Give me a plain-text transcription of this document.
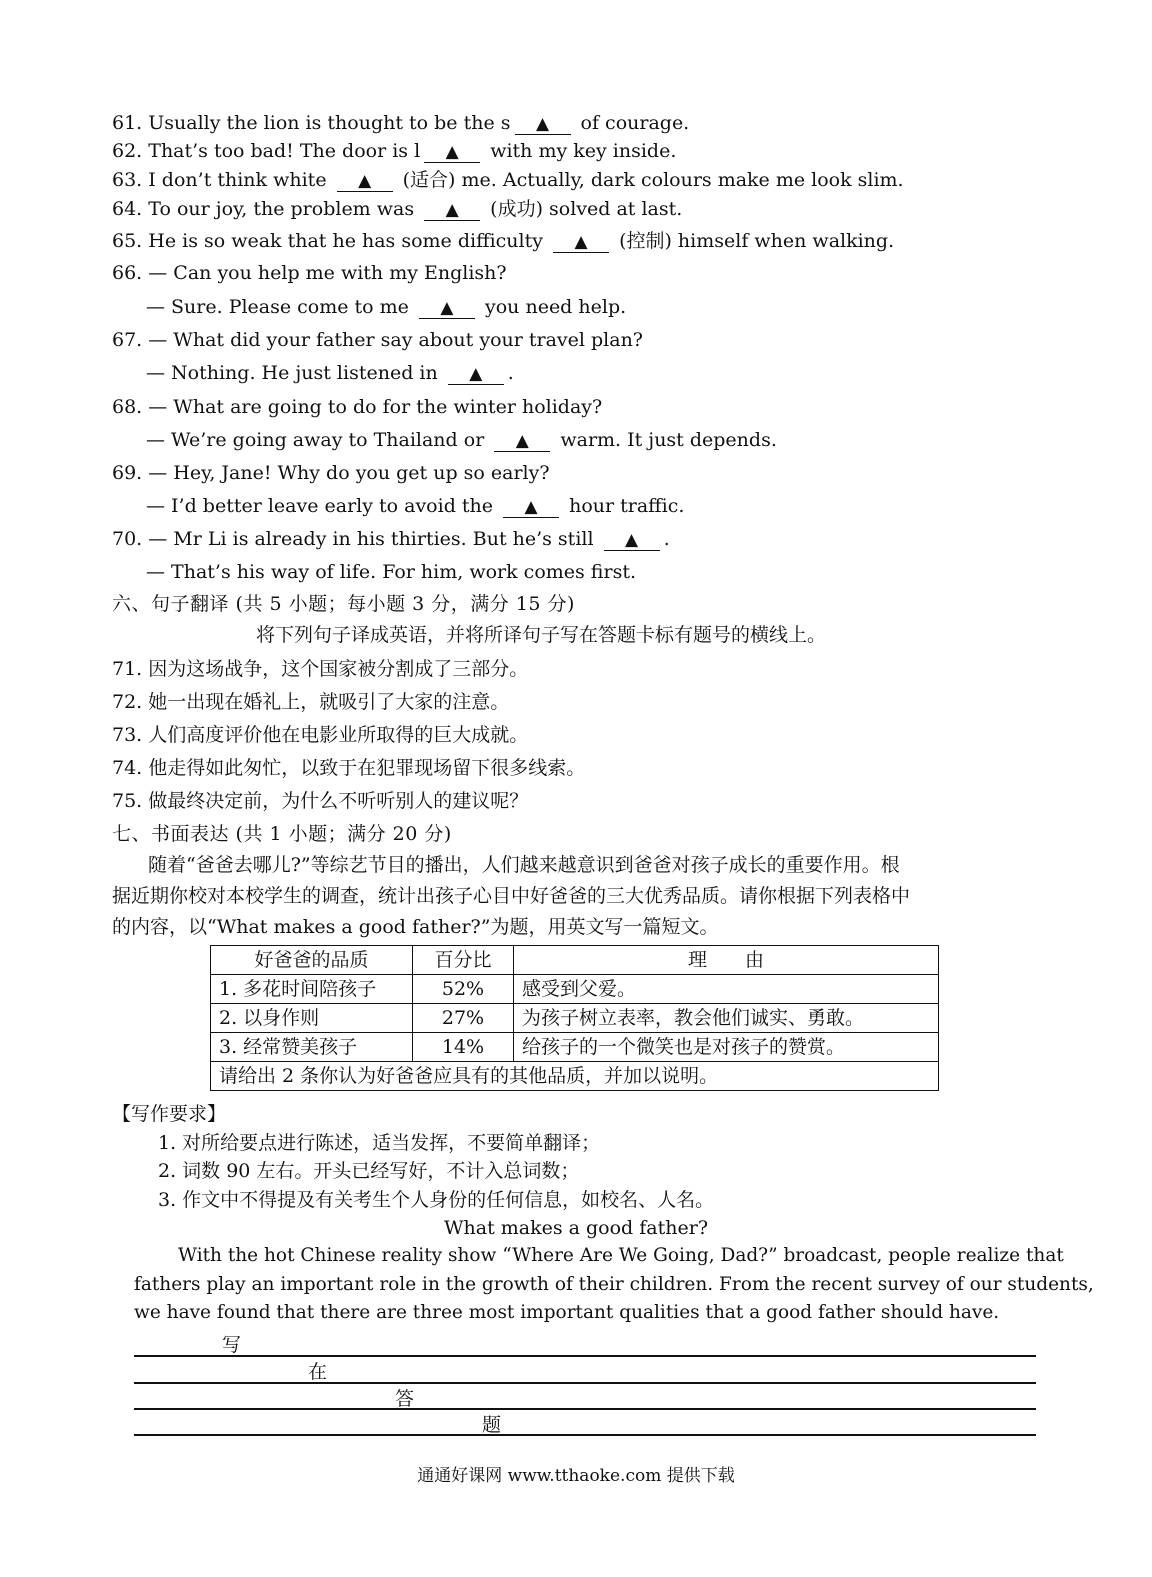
61. Usually the lion is thought to be the s ▲ of courage.
62. That’s too bad! The door is l ▲ with my key inside.
63. I don’t think white ▲ (适合) me. Actually, dark colours make me look slim.
64. To our joy, the problem was ▲ (成功) solved at last.
65. He is so weak that he has some difficulty ▲ (控制) himself when walking.
66. — Can you help me with my English?
— Sure. Please come to me ▲ you need help.
67. — What did your father say about your travel plan?
— Nothing. He just listened in ▲ .
68. — What are going to do for the winter holiday?
— We’re going away to Thailand or ▲ warm. It just depends.
69. — Hey, Jane! Why do you get up so early?
— I’d better leave early to avoid the ▲ hour traffic.
70. — Mr Li is already in his thirties. But he’s still ▲ .
— That’s his way of life. For him, work comes first.
六、句子翻译 (共 5 小题；每小题 3 分，满分 15 分)
将下列句子译成英语，并将所译句子写在答题卡标有题号的横线上。
71. 因为这场战争，这个国家被分割成了三部分。
72. 她一出现在婚礼上，就吸引了大家的注意。
73. 人们高度评价他在电影业所取得的巨大成就。
74. 他走得如此匆忙，以致于在犯罪现场留下很多线索。
75. 做最终决定前，为什么不听听别人的建议呢？
七、书面表达 (共 1 小题；满分 20 分)
随着“爸爸去哪儿?”等综艺节目的播出，人们越来越意识到爸爸对孩子成长的重要作用。根
据近期你校对本校学生的调查，统计出孩子心目中好爸爸的三大优秀品质。请你根据下列表格中
的内容，以“What makes a good father?”为题，用英文写一篇短文。
好爸爸的品质	百分比	理　　由
1. 多花时间陪孩子	52%	感受到父爱。
2. 以身作则	27%	为孩子树立表率，教会他们诚实、勇敢。
3. 经常赞美孩子	14%	给孩子的一个微笑也是对孩子的赞赏。
请给出 2 条你认为好爸爸应具有的其他品质，并加以说明。		
【写作要求】
1. 对所给要点进行陈述，适当发挥，不要简单翻译；
2. 词数 90 左右。开头已经写好，不计入总词数；
3. 作文中不得提及有关考生个人身份的任何信息，如校名、人名。
What makes a good father?
With the hot Chinese reality show “Where Are We Going, Dad?” broadcast, people realize that
fathers play an important role in the growth of their children. From the recent survey of our students,
we have found that there are three most important qualities that a good father should have.
写
在
答
题
通通好课网 www.tthaoke.com 提供下载
